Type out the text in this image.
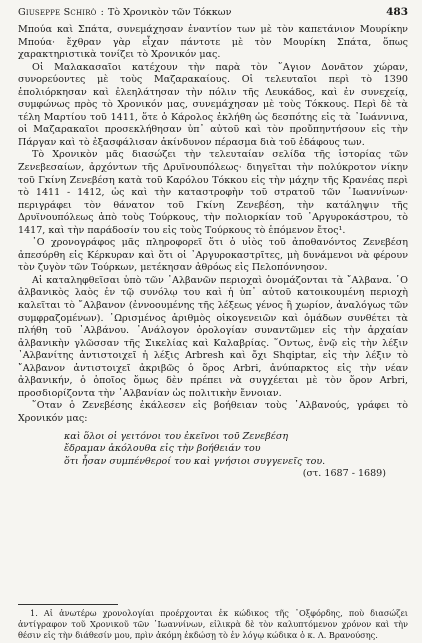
Giuseppe Schirò : Τὸ Χρονικὸν τῶν Τόκκων	483

Μπούα καὶ Σπάτα, συνεμάχησαν ἐναντίον των μὲ τὸν καπετάνιον Μουρίκην Μπούα· ἔχθραν γὰρ εἶχαν πάντοτε μὲ τὸν Μουρίκη Σπάτα, ὅπως χαρακτηριστικὰ τονίζει τὸ Χρονικόν μας.

Οἱ Μαλακασαῖοι κατέχουν τὴν παρὰ τὸν ῞Αγιον Δονᾶτον χώραν, συνορεύοντες μὲ τοὺς Μαζαρακαίους. Οἱ τελευταῖοι περὶ τὸ 1390 ἐπολιόρκησαν καὶ ἐλεηλάτησαν τὴν πόλιν τῆς Λευκάδος, καὶ ἐν συνεχείᾳ, συμφώνως πρὸς τὸ Χρονικόν μας, συνεμάχησαν μὲ τοὺς Τόκκους. Περὶ δὲ τὰ τέλη Μαρτίου τοῦ 1411, ὅτε ὁ Κάρολος ἐκλήθη ὡς δεσπότης εἰς τὰ ᾿Ιωάννινα, οἱ Μαζαρακαῖοι προσεκλήθησαν ὑπ᾽ αὐτοῦ καὶ τὸν προὔπηντήσουν εἰς τὴν Πάργαν καὶ τὸ ἐξασφάλισαν ἀκίνδυνον πέρασμα διὰ τοῦ ἐδάφους των.

Τὸ Χρονικὸν μᾶς διασώζει τὴν τελευταίαν σελίδα τῆς ἱστορίας τῶν Ζενεβεσαίων, ἀρχόντων τῆς Δρυϊνουπόλεως· διηγεῖται τὴν πολύκροτον νίκην τοῦ Γκίνη Ζενεβέση κατὰ τοῦ Καρόλου Τόκκου εἰς τὴν μάχην τῆς Κρανέας περὶ τὸ 1411 - 1412, ὡς καὶ τὴν καταστροφὴν τοῦ στρατοῦ τῶν ᾿Ιωαννίνων· περιγράφει τὸν θάνατον τοῦ Γκίνη Ζενεβέση, τὴν κατάληψιν τῆς Δρυϊνουπόλεως ἀπὸ τοὺς Τούρκους, τὴν πολιορκίαν τοῦ ᾿Αργυροκάστρου, τὸ 1417, καὶ τὴν παράδοσίν του εἰς τοὺς Τούρκους τὸ ἑπόμενον ἔτος¹.

῾Ο χρονογράφος μᾶς πληροφορεῖ ὅτι ὁ υἱὸς τοῦ ἀποθανόντος Ζενεβέση ἀπεσύρθη εἰς Κέρκυραν καὶ ὅτι οἱ ᾿Αργυροκαστρῖτες, μὴ δυνάμενοι νὰ φέρουν τὸν ζυγὸν τῶν Τούρκων, μετέκησαν ἀθρόως εἰς Πελοπόννησον.

Αἱ καταληφθεῖσαι ὑπὸ τῶν ᾿Αλβανῶν περιοχαὶ ὀνομάζονται τὰ ῎Αλβανα. ῾Ο ἀλβανικὸς λαὸς ἐν τῷ συνόλῳ του καὶ ἡ ὑπ᾽ αὐτοῦ κατοικουμένη περιοχὴ καλεῖται τὸ ῎Αλβανον (ἐννοουμένης τῆς λέξεως γένος ἢ χωρίον, ἀναλόγως τῶν συμφραζομένων). ᾿Ωρισμένος ἀριθμὸς οἰκογενειῶν καὶ ὁμάδων συνθέτει τὰ πλήθη τοῦ ᾿Αλβάνου. ᾿Ανάλογον ὀρολογίαν συναντῶμεν εἰς τὴν ἀρχαίαν ἀλβανικὴν γλῶσσαν τῆς Σικελίας καὶ Καλαβρίας. ῞Οντως, ἐνῷ εἰς τὴν λέξιν ᾿Αλβανίτης ἀντιστοιχεῖ ἡ λέξις Arbresh καὶ ὄχι Shqiptar, εἰς τὴν λέξιν τὸ ῎Αλβανον ἀντιστοιχεῖ ἀκριβῶς ὁ ὅρος Arbri, ἀνύπαρκτος εἰς τὴν νέαν ἀλβανικήν, ὁ ὁποῖος ὅμως δὲν πρέπει νὰ συγχέεται μὲ τὸν ὅρον Arbri, προσδιορίζοντα τὴν ᾿Αλβανίαν ὡς πολιτικὴν ἔννοιαν.

῞Οταν ὁ Ζενεβέσης ἐκάλεσεν εἰς βοήθειαν τοὺς ᾿Αλβανούς, γράφει τὸ Χρονικόν μας:

καὶ ὅλοι οἱ γειτόνοι του ἐκεῖνοι τοῦ Ζενεβέση
ἔδραμαν ἀκόλουθα εἰς τὴν βοήθειάν του
ὅτι ἦσαν συμπένθεροί του καὶ γνήσιοι συγγενεῖς του.
(στ. 1687 - 1689)

1. Αἱ ἀνωτέρω χρονολογίαι προέρχονται ἐκ κώδικος τῆς ᾿Οξφόρδης, ποὺ διασώζει ἀντίγραφον τοῦ Χρονικοῦ τῶν ᾿Ιωαννίνων, εἰλικρὰ δὲ τὸν καλυπτόμενον χρόνον καὶ τὴν θέσιν εἰς τὴν διάθεσίν μου, πρὶν ἀκόμη ἐκδώσῃ τὸ ἐν λόγῳ κώδικα ὁ κ. Λ. Βρανούσης.
